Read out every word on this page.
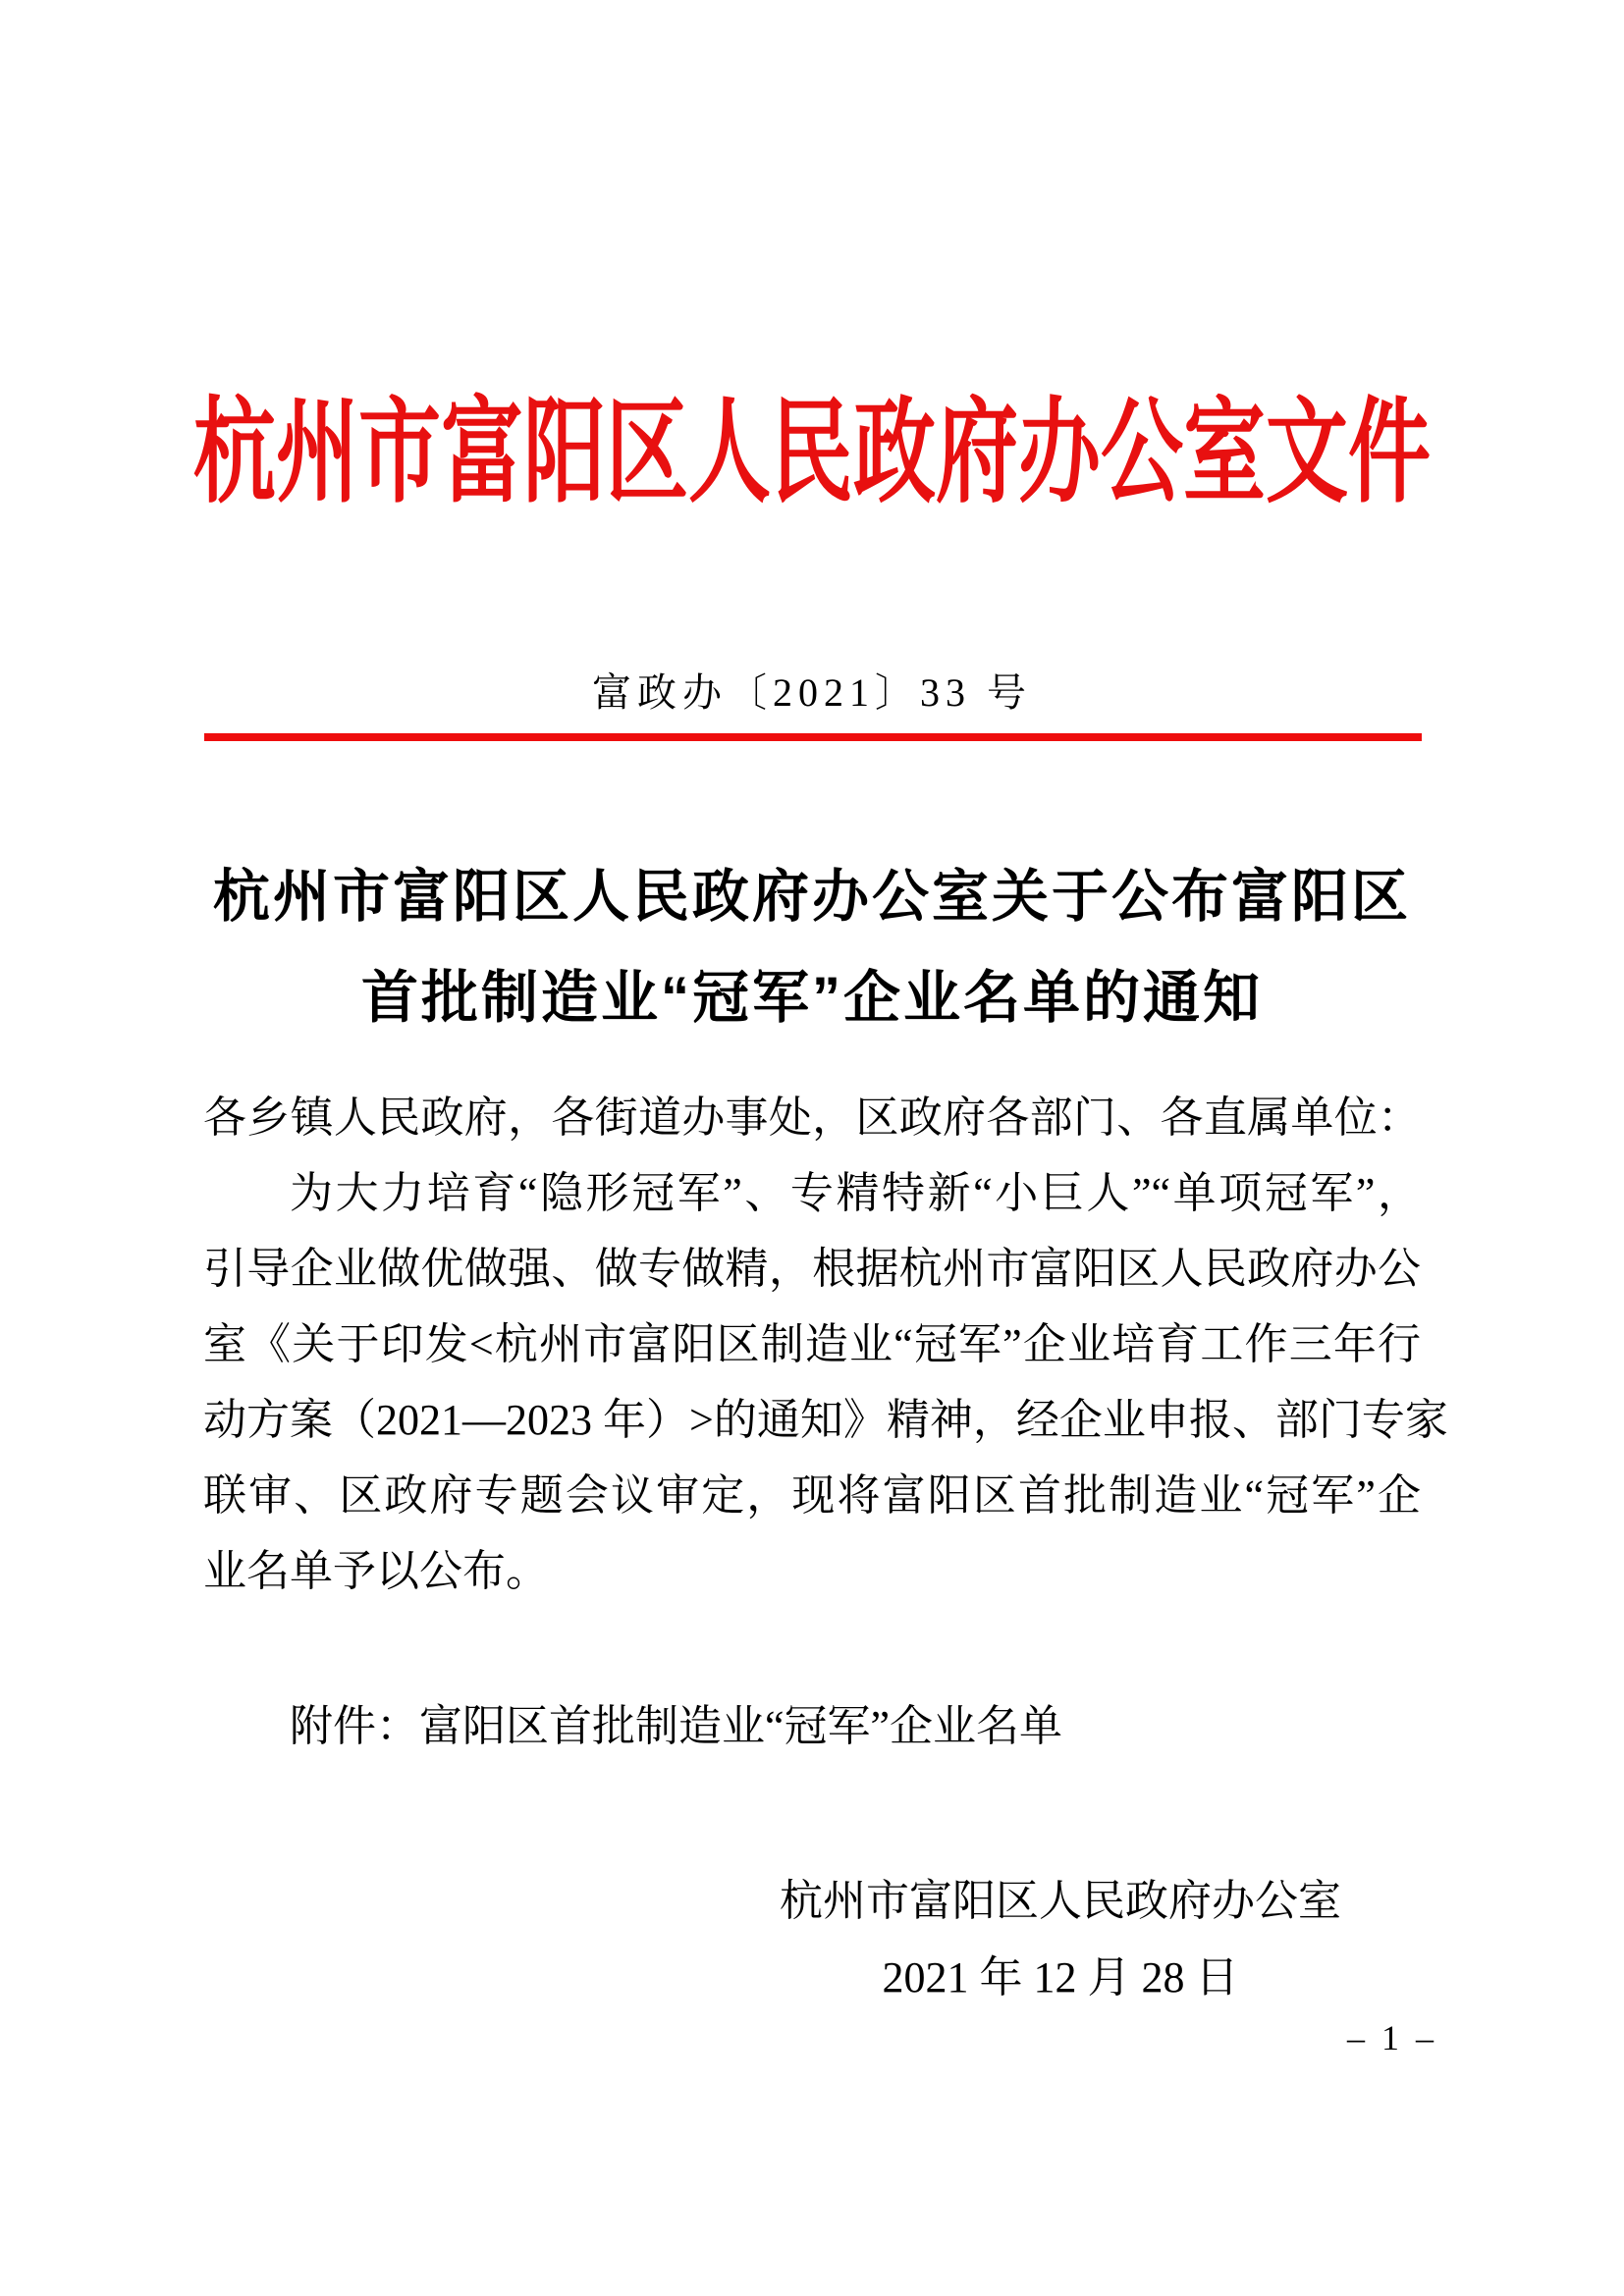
杭州市富阳区人民政府办公室文件
富政办〔2021〕33 号
杭州市富阳区人民政府办公室关于公布富阳区
首批制造业“冠军”企业名单的通知
各乡镇人民政府，各街道办事处，区政府各部门、各直属单位：
为大力培育“隐形冠军”、专精特新“小巨人”“单项冠军”，
引导企业做优做强、做专做精，根据杭州市富阳区人民政府办公
室《关于印发<杭州市富阳区制造业“冠军”企业培育工作三年行
动方案（2021—2023 年）>的通知》精神，经企业申报、部门专家
联审、区政府专题会议审定，现将富阳区首批制造业“冠军”企
业名单予以公布。
附件：富阳区首批制造业“冠军”企业名单
杭州市富阳区人民政府办公室
2021 年 12 月 28 日
– 1 –
